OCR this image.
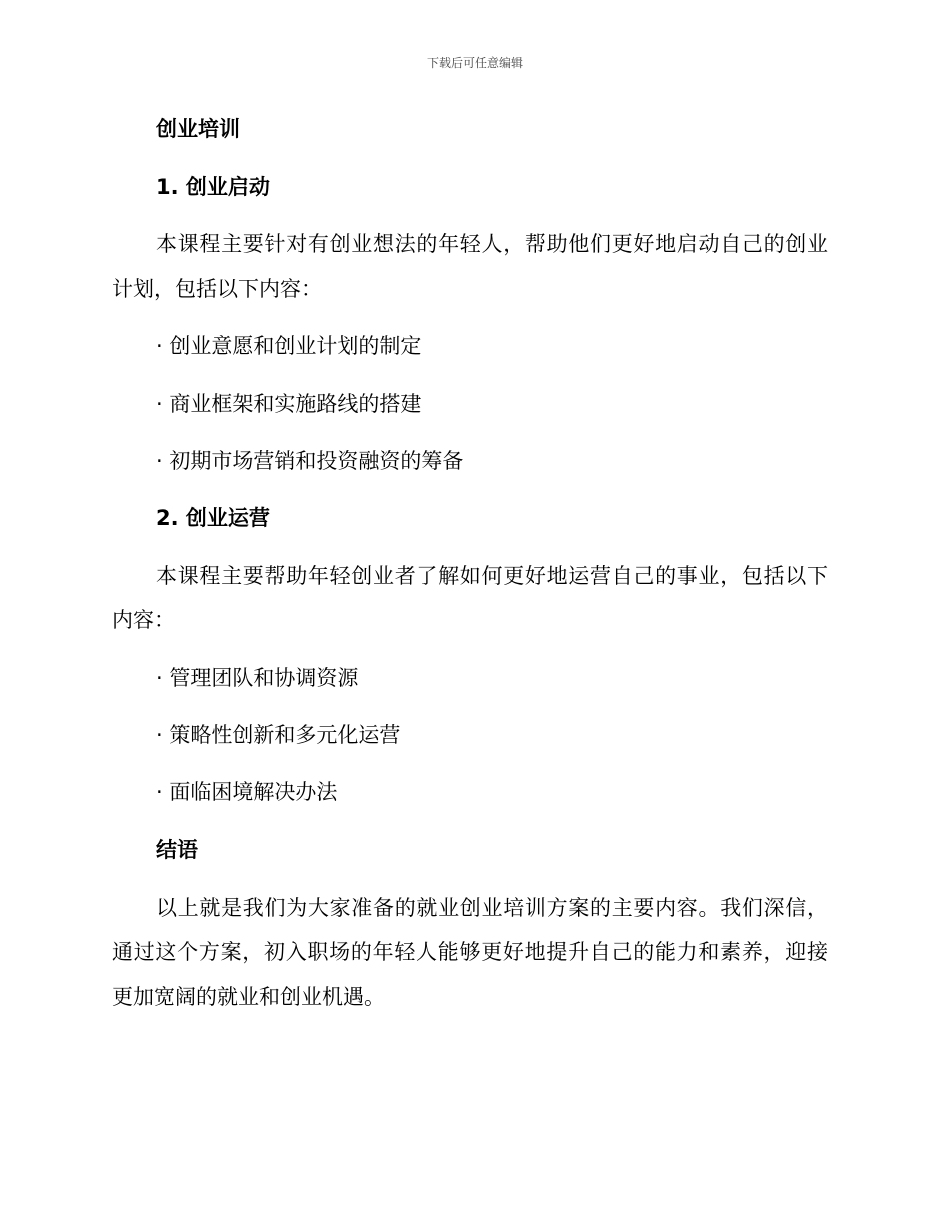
下载后可任意编辑
创业培训
1. 创业启动
本课程主要针对有创业想法的年轻人，帮助他们更好地启动自己的创业
计划，包括以下内容：
· 创业意愿和创业计划的制定
· 商业框架和实施路线的搭建
· 初期市场营销和投资融资的筹备
2. 创业运营
本课程主要帮助年轻创业者了解如何更好地运营自己的事业，包括以下
内容：
· 管理团队和协调资源
· 策略性创新和多元化运营
· 面临困境解决办法
结语
以上就是我们为大家准备的就业创业培训方案的主要内容。我们深信，
通过这个方案，初入职场的年轻人能够更好地提升自己的能力和素养，迎接
更加宽阔的就业和创业机遇。
